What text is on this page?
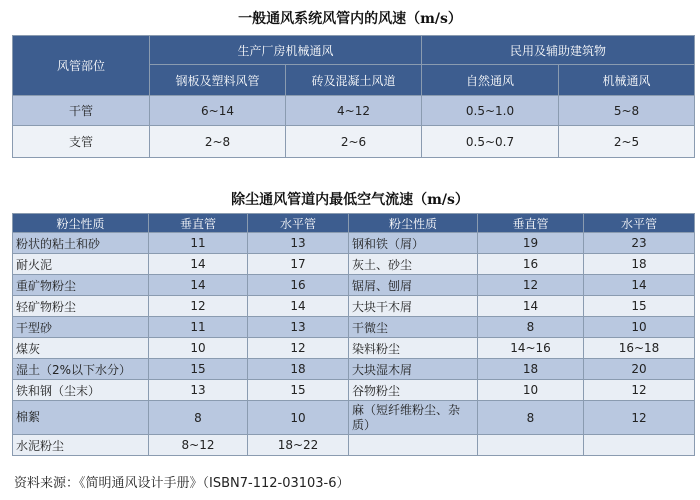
一般通风系统风管内的风速（m/s）
风管部位	生产厂房机械通风		民用及辅助建筑物	
	钢板及塑料风管	砖及混凝土风道	自然通风	机械通风
干管	6~14	4~12	0.5~1.0	5~8
支管	2~8	2~6	0.5~0.7	2~5
除尘通风管道内最低空气流速（m/s）
粉尘性质	垂直管	水平管	粉尘性质	垂直管	水平管
粉状的粘土和砂	11	13	钢和铁（屑）	19	23
耐火泥	14	17	灰土、砂尘	16	18
重矿物粉尘	14	16	锯屑、刨屑	12	14
轻矿物粉尘	12	14	大块干木屑	14	15
干型砂	11	13	干微尘	8	10
煤灰	10	12	染料粉尘	14~16	16~18
湿土（2%以下水分）	15	18	大块湿木屑	18	20
铁和钢（尘末）	13	15	谷物粉尘	10	12
棉絮	8	10	麻（短纤维粉尘、杂质）	8	12
水泥粉尘	8~12	18~22			
资料来源：《简明通风设计手册》（ISBN7-112-03103-6）
